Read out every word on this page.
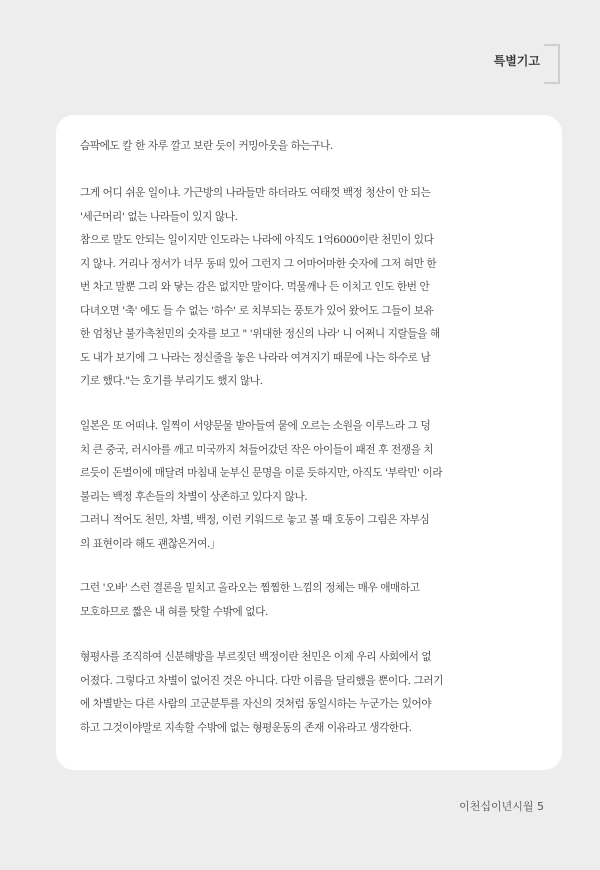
특별기고

슴팍에도 칼 한 자루 깔고 보란 듯이 커밍아웃을 하는구나.

그게 어디 쉬운 일이냐. 가근방의 나라들만 하더라도 여태껏 백정 청산이 안 되는
'세근머리' 없는 나라들이 있지 않나.
참으로 말도 안되는 일이지만 인도라는 나라에 아직도 1억6000이란 천민이 있다
지 않나. 거리나 정서가 너무 동떠 있어 그런지 그 어마어마한 숫자에 그저 혀만 한
번 차고 말뿐 그리 와 닿는 감은 없지만 말이다. 먹물깨나 든 이치고 인도 한번 안
다녀오면 '축' 에도 들 수 없는 '하수' 로 치부되는 풍토가 있어 왔어도 그들이 보유
한 엄청난 불가촉천민의 숫자를 보고 " '위대한 정신의 나라' 니 어쩌니 지랄들을 해
도 내가 보기에 그 나라는 정신줄을 놓은 나라라 여겨지기 때문에 나는 하수로 남
기로 했다."는 호기를 부리기도 했지 않나.

일본은 또 어떠냐. 일찍이 서양문물 받아들여 뭍에 오르는 소원을 이루느라 그 덩
치 큰 중국, 러시아를 깨고 미국까지 쳐들어갔던 작은 아이들이 패전 후 전쟁을 치
르듯이 돈벌이에 매달려 마침내 눈부신 문명을 이룬 듯하지만, 아직도 '부락민' 이라
불리는 백정 후손들의 차별이 상존하고 있다지 않나.
그러니 적어도 천민, 차별, 백정, 이런 키워드로 놓고 볼 때 호동이 그림은 자부심
의 표현이라 해도 괜찮은거여.」

그런 '오바' 스런 결론을 밑치고 올라오는 찜찜한 느낌의 정체는 매우 애매하고
모호하므로 짧은 내 혀를 탓할 수밖에 없다.

형평사를 조직하여 신분해방을 부르짖던 백정이란 천민은 이제 우리 사회에서 없
어졌다. 그렇다고 차별이 없어진 것은 아니다. 다만 이름을 달리했을 뿐이다. 그러기
에 차별받는 다른 사람의 고군분투를 자신의 것처럼 동일시하는 누군가는 있어야
하고 그것이야말로 지속할 수밖에 없는 형평운동의 존재 이유라고 생각한다.

이천십이년시월 5
